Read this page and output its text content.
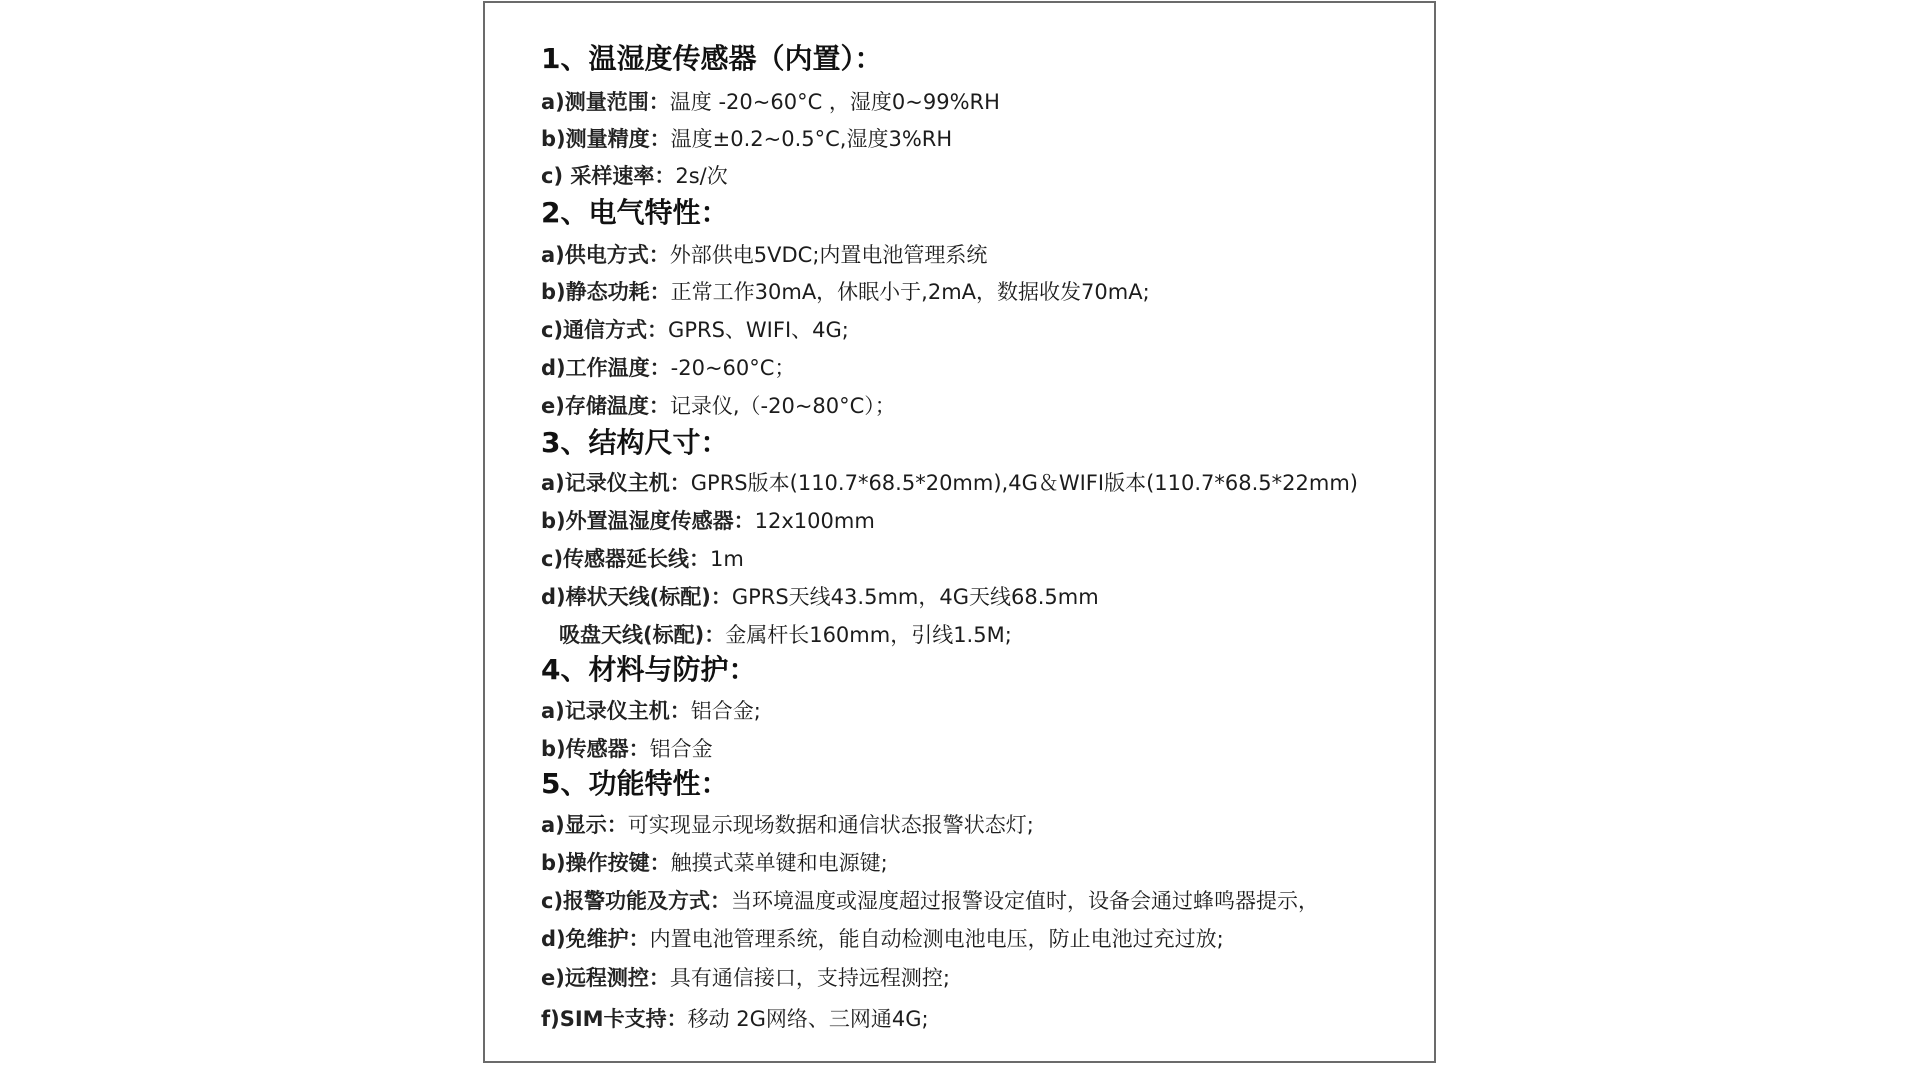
1、温湿度传感器（内置）：
a)测量范围：温度 -20~60°C ，湿度0~99%RH
b)测量精度：温度±0.2~0.5°C,湿度3%RH
c) 采样速率：2s/次
2、电气特性：
a)供电方式：外部供电5VDC;内置电池管理系统
b)静态功耗：正常工作30mA，休眠小于,2mA，数据收发70mA;
c)通信方式：GPRS、WIFI、4G;
d)工作温度：-20~60°C；
e)存储温度：记录仪,（-20~80°C）；
3、结构尺寸：
a)记录仪主机：GPRS版本(110.7*68.5*20mm),4G＆WIFI版本(110.7*68.5*22mm)
b)外置温湿度传感器：12x100mm
c)传感器延长线：1m
d)棒状天线(标配)：GPRS天线43.5mm，4G天线68.5mm
吸盘天线(标配)：金属杆长160mm，引线1.5M;
4、材料与防护：
a)记录仪主机：铝合金;
b)传感器：铝合金
5、功能特性：
a)显示：可实现显示现场数据和通信状态报警状态灯;
b)操作按键：触摸式菜单键和电源键;
c)报警功能及方式：当环境温度或湿度超过报警设定值时，设备会通过蜂鸣器提示，
d)免维护：内置电池管理系统，能自动检测电池电压，防止电池过充过放;
e)远程测控：具有通信接口，支持远程测控;
f)SIM卡支持：移动 2G网络、三网通4G;
